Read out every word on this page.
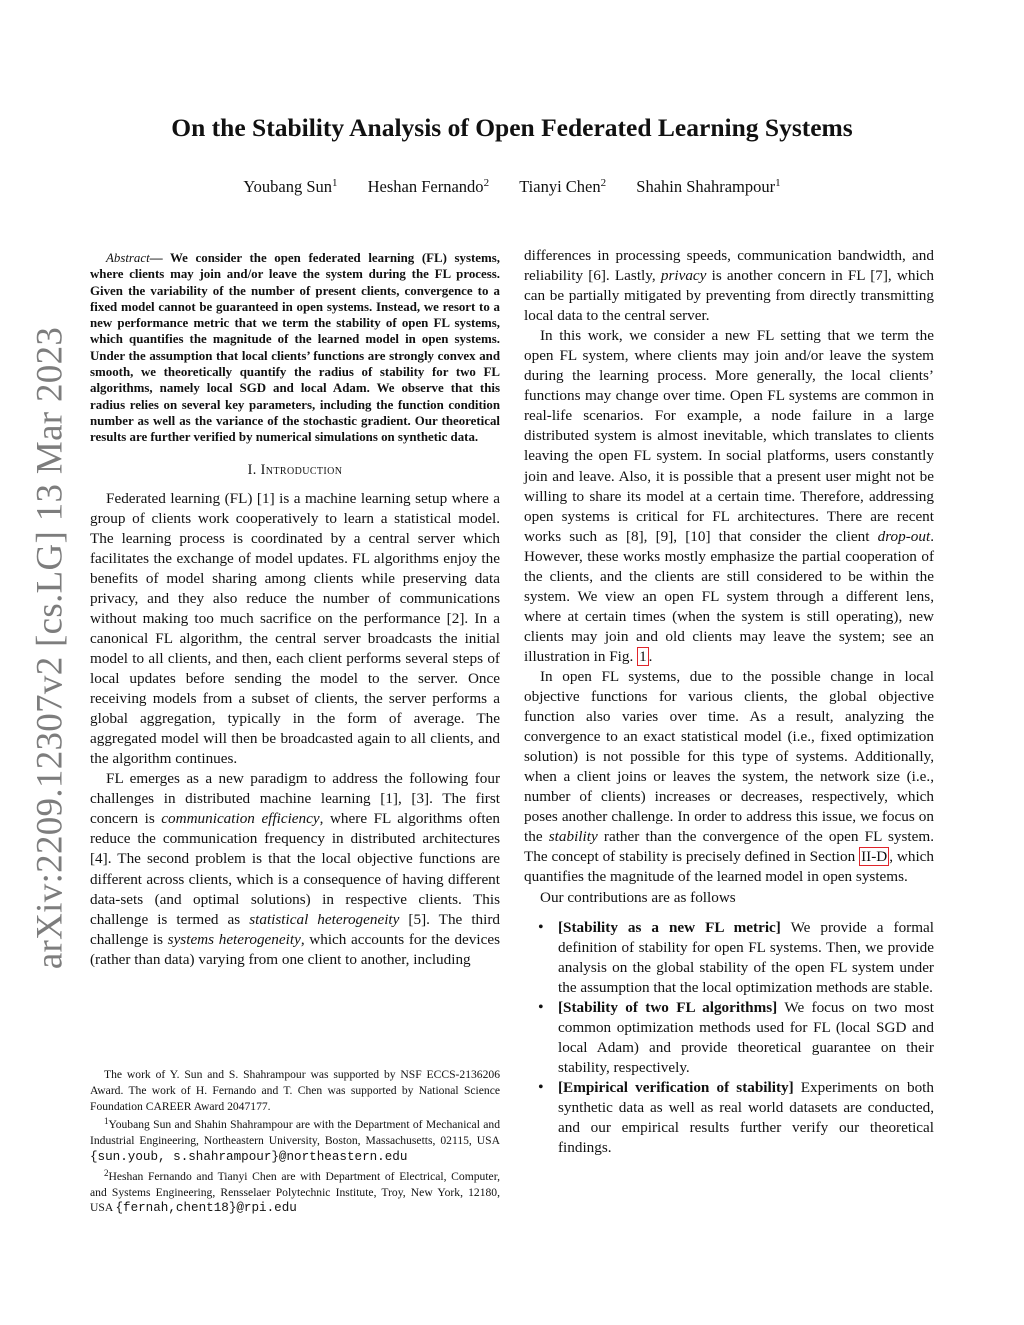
arXiv:2209.12307v2 [cs.LG] 13 Mar 2023
On the Stability Analysis of Open Federated Learning Systems
Youbang Sun$^1$ Heshan Fernando$^2$ Tianyi Chen$^2$ Shahin Shahrampour$^1$

Abstract— We consider the open federated learning (FL) systems, where clients may join and/or leave the system during the FL process. Given the variability of the number of present clients, convergence to a fixed model cannot be guaranteed in open systems. Instead, we resort to a new performance metric that we term the stability of open FL systems, which quantifies the magnitude of the learned model in open systems. Under the assumption that local clients’ functions are strongly convex and smooth, we theoretically quantify the radius of stability for two FL algorithms, namely local SGD and local Adam. We observe that this radius relies on several key parameters, including the function condition number as well as the variance of the stochastic gradient. Our theoretical results are further verified by numerical simulations on synthetic data.

I. Introduction

Federated learning (FL) [1] is a machine learning setup where a group of clients work cooperatively to learn a statistical model. The learning process is coordinated by a central server which facilitates the exchange of model updates. FL algorithms enjoy the benefits of model sharing among clients while preserving data privacy, and they also reduce the number of communications without making too much sacrifice on the performance [2]. In a canonical FL algorithm, the central server broadcasts the initial model to all clients, and then, each client performs several steps of local updates before sending the model to the server. Once receiving models from a subset of clients, the server performs a global aggregation, typically in the form of average. The aggregated model will then be broadcasted again to all clients, and the algorithm continues.

FL emerges as a new paradigm to address the following four challenges in distributed machine learning [1], [3]. The first concern is communication efficiency, where FL algorithms often reduce the communication frequency in distributed architectures [4]. The second problem is that the local objective functions are different across clients, which is a consequence of having different data-sets (and optimal solutions) in respective clients. This challenge is termed as statistical heterogeneity [5]. The third challenge is systems heterogeneity, which accounts for the devices (rather than data) varying from one client to another, including

The work of Y. Sun and S. Shahrampour was supported by NSF ECCS-2136206 Award. The work of H. Fernando and T. Chen was supported by National Science Foundation CAREER Award 2047177.

$^1$Youbang Sun and Shahin Shahrampour are with the Department of Mechanical and Industrial Engineering, Northeastern University, Boston, Massachusetts, 02115, USA {sun.youb, s.shahrampour}@northeastern.edu

$^2$Heshan Fernando and Tianyi Chen are with Department of Electrical, Computer, and Systems Engineering, Rensselaer Polytechnic Institute, Troy, New York, 12180, USA {fernah,chent18}@rpi.edu

differences in processing speeds, communication bandwidth, and reliability [6]. Lastly, privacy is another concern in FL [7], which can be partially mitigated by preventing from directly transmitting local data to the central server.

In this work, we consider a new FL setting that we term the open FL system, where clients may join and/or leave the system during the learning process. More generally, the local clients’ functions may change over time. Open FL systems are common in real-life scenarios. For example, a node failure in a large distributed system is almost inevitable, which translates to clients leaving the open FL system. In social platforms, users constantly join and leave. Also, it is possible that a present user might not be willing to share its model at a certain time. Therefore, addressing open systems is critical for FL architectures. There are recent works such as [8], [9], [10] that consider the client drop-out. However, these works mostly emphasize the partial cooperation of the clients, and the clients are still considered to be within the system. We view an open FL system through a different lens, where at certain times (when the system is still operating), new clients may join and old clients may leave the system; see an illustration in Fig. 1 .

In open FL systems, due to the possible change in local objective functions for various clients, the global objective function also varies over time. As a result, analyzing the convergence to an exact statistical model (i.e., fixed optimization solution) is not possible for this type of systems. Additionally, when a client joins or leaves the system, the network size (i.e., number of clients) increases or decreases, respectively, which poses another challenge. In order to address this issue, we focus on the stability rather than the convergence of the open FL system. The concept of stability is precisely defined in Section II-D , which quantifies the magnitude of the learned model in open systems.

Our contributions are as follows

• [Stability as a new FL metric] We provide a formal definition of stability for open FL systems. Then, we provide analysis on the global stability of the open FL system under the assumption that the local optimization methods are stable.
• [Stability of two FL algorithms] We focus on two most common optimization methods used for FL (local SGD and local Adam) and provide theoretical guarantee on their stability, respectively.
• [Empirical verification of stability] Experiments on both synthetic data as well as real world datasets are conducted, and our empirical results further verify our theoretical findings.
